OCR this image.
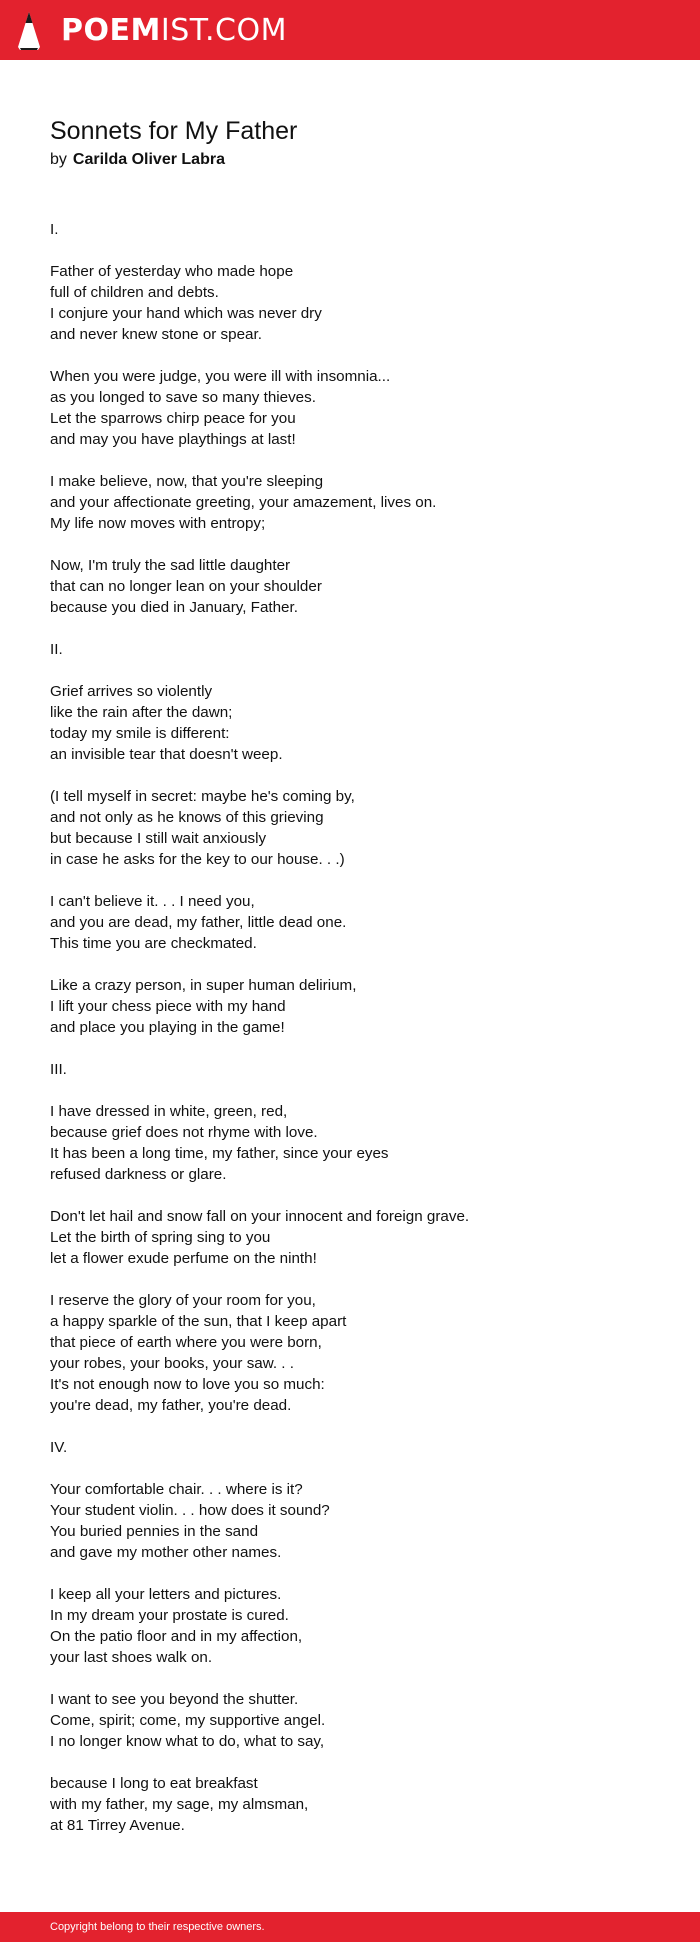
POEMIST.COM
Sonnets for My Father
by Carilda Oliver Labra
I.
Father of yesterday who made hope
full of children and debts.
I conjure your hand which was never dry
and never knew stone or spear.
When you were judge, you were ill with insomnia...
as you longed to save so many thieves.
Let the sparrows chirp peace for you
and may you have playthings at last!
I make believe, now, that you're sleeping
and your affectionate greeting, your amazement, lives on.
My life now moves with entropy;
Now, I'm truly the sad little daughter
that can no longer lean on your shoulder
because you died in January, Father.
II.
Grief arrives so violently
like the rain after the dawn;
today my smile is different:
an invisible tear that doesn't weep.
(I tell myself in secret: maybe he's coming by,
and not only as he knows of this grieving
but because I still wait anxiously
in case he asks for the key to our house. . .)
I can't believe it. . . I need you,
and you are dead, my father, little dead one.
This time you are checkmated.
Like a crazy person, in super human delirium,
I lift your chess piece with my hand
and place you playing in the game!
III.
I have dressed in white, green, red,
because grief does not rhyme with love.
It has been a long time, my father, since your eyes
refused darkness or glare.
Don't let hail and snow fall on your innocent and foreign grave.
Let the birth of spring sing to you
let a flower exude perfume on the ninth!
I reserve the glory of your room for you,
a happy sparkle of the sun, that I keep apart
that piece of earth where you were born,
your robes, your books, your saw. . .
It's not enough now to love you so much:
you're dead, my father, you're dead.
IV.
Your comfortable chair. . . where is it?
Your student violin. . . how does it sound?
You buried pennies in the sand
and gave my mother other names.
I keep all your letters and pictures.
In my dream your prostate is cured.
On the patio floor and in my affection,
your last shoes walk on.
I want to see you beyond the shutter.
Come, spirit; come, my supportive angel.
I no longer know what to do, what to say,
because I long to eat breakfast
with my father, my sage, my almsman,
at 81 Tirrey Avenue.
Copyright belong to their respective owners.
